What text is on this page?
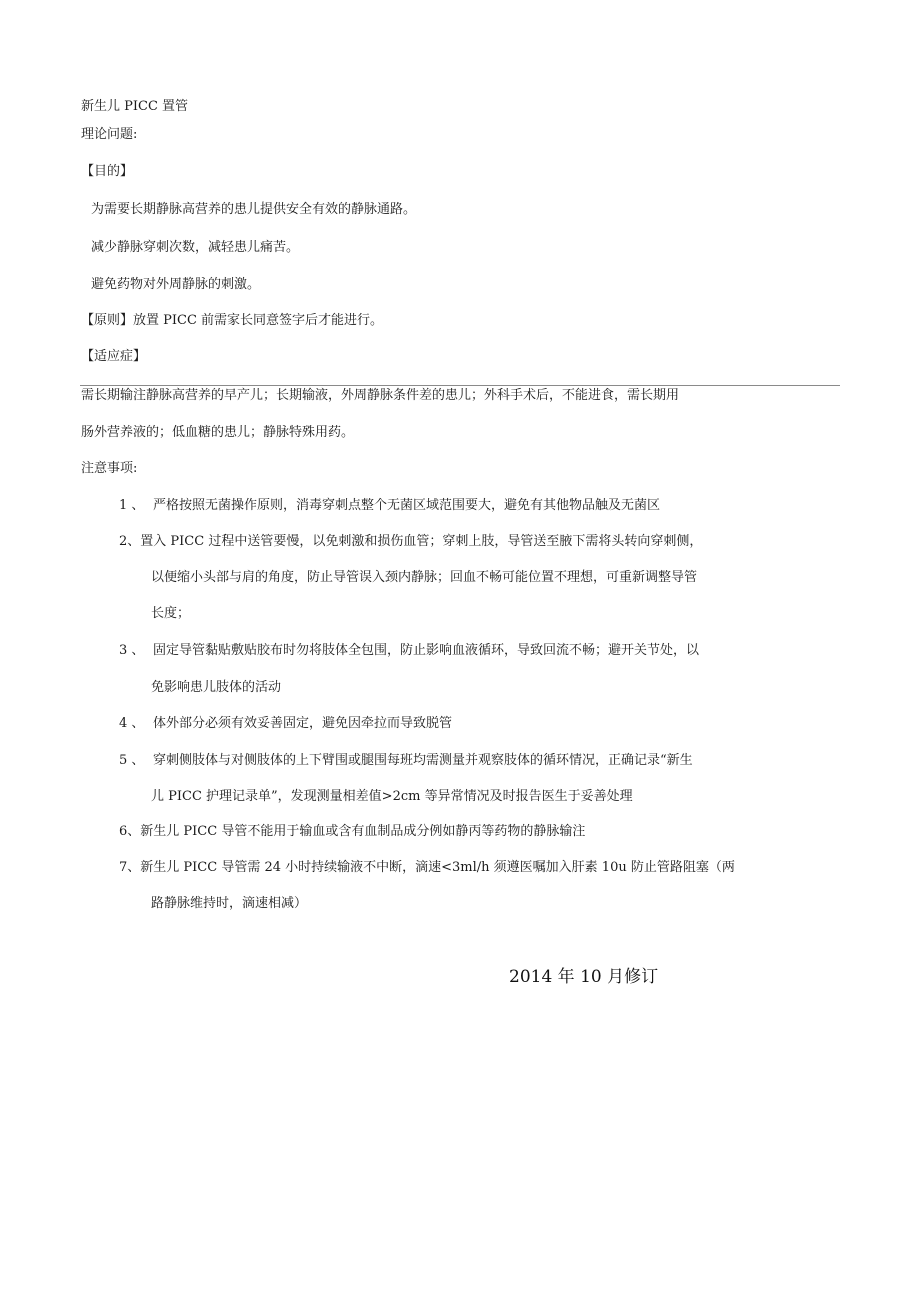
新生儿 PICC 置管
理论问题:
【目的】
为需要长期静脉高营养的患儿提供安全有效的静脉通路。
减少静脉穿刺次数，减轻患儿痛苦。
避免药物对外周静脉的刺激。
【原则】放置 PICC 前需家长同意签字后才能进行。
【适应症】
需长期输注静脉高营养的早产儿；长期输液，外周静脉条件差的患儿；外科手术后，不能进食，需长期用
肠外营养液的；低血糖的患儿；静脉特殊用药。
注意事项:
1 、 严格按照无菌操作原则，消毒穿刺点整个无菌区域范围要大，避免有其他物品触及无菌区
2、置入 PICC 过程中送管要慢，以免刺激和损伤血管；穿刺上肢，导管送至腋下需将头转向穿刺侧，
以便缩小头部与肩的角度，防止导管误入颈内静脉；回血不畅可能位置不理想，可重新调整导管
长度；
3 、 固定导管黏贴敷贴胶布时勿将肢体全包围，防止影响血液循环，导致回流不畅；避开关节处，以
免影响患儿肢体的活动
4 、 体外部分必须有效妥善固定，避免因牵拉而导致脱管
5 、 穿刺侧肢体与对侧肢体的上下臂围或腿围每班均需测量并观察肢体的循环情况，正确记录“新生
儿 PICC 护理记录单”，发现测量相差值>2cm 等异常情况及时报告医生于妥善处理
6、新生儿 PICC 导管不能用于输血或含有血制品成分例如静丙等药物的静脉输注
7、新生儿 PICC 导管需 24 小时持续输液不中断，滴速<3ml/h 须遵医嘱加入肝素 10u 防止管路阻塞（两
路静脉维持时，滴速相减）
2014 年 10 月修订
